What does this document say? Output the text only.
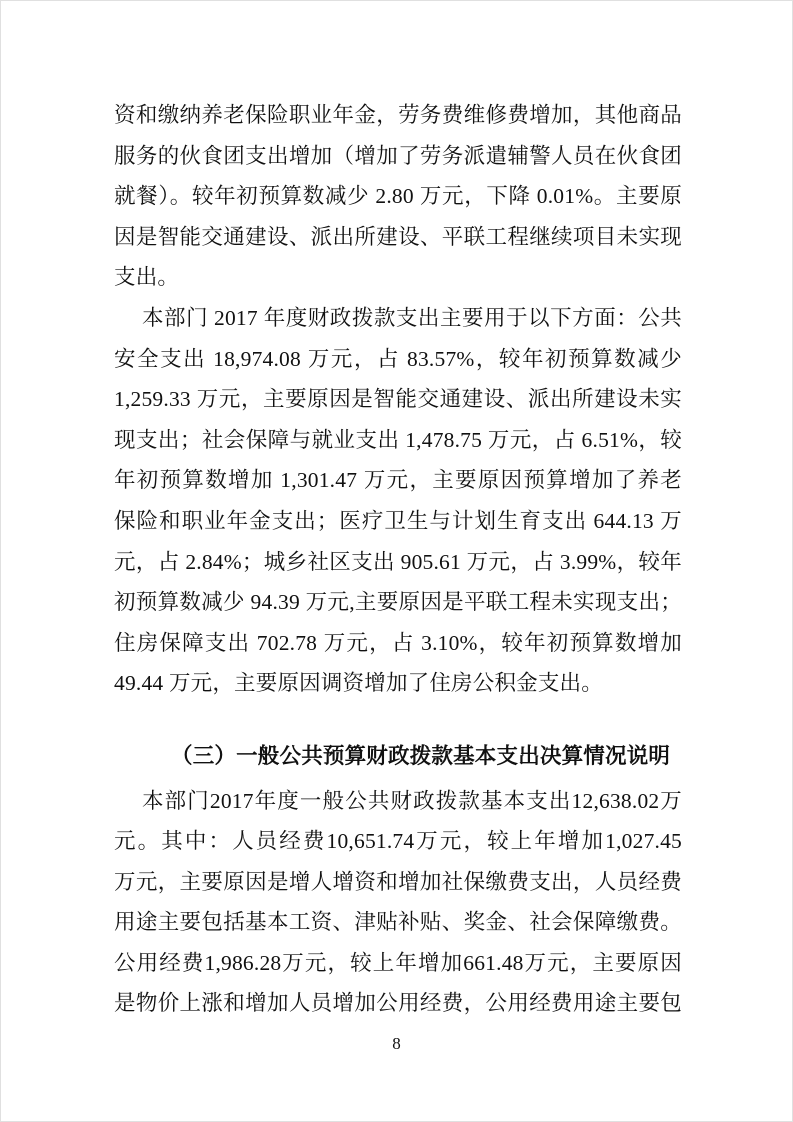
资和缴纳养老保险职业年金，劳务费维修费增加，其他商品
服务的伙食团支出增加（增加了劳务派遣辅警人员在伙食团
就餐）。较年初预算数减少 2.80 万元，下降 0.01%。主要原
因是智能交通建设、派出所建设、平联工程继续项目未实现
支出。
本部门 2017 年度财政拨款支出主要用于以下方面：公共
安全支出 18,974.08 万元，占 83.57%，较年初预算数减少
1,259.33 万元，主要原因是智能交通建设、派出所建设未实
现支出；社会保障与就业支出 1,478.75 万元，占 6.51%，较
年初预算数增加 1,301.47 万元，主要原因预算增加了养老
保险和职业年金支出；医疗卫生与计划生育支出 644.13 万
元，占 2.84%；城乡社区支出 905.61 万元，占 3.99%，较年
初预算数减少 94.39 万元,主要原因是平联工程未实现支出；
住房保障支出 702.78 万元，占 3.10%，较年初预算数增加
49.44 万元，主要原因调资增加了住房公积金支出。
（三）一般公共预算财政拨款基本支出决算情况说明
本部门2017年度一般公共财政拨款基本支出12,638.02万
元。其中：人员经费10,651.74万元，较上年增加1,027.45
万元，主要原因是增人增资和增加社保缴费支出，人员经费
用途主要包括基本工资、津贴补贴、奖金、社会保障缴费。
公用经费1,986.28万元，较上年增加661.48万元，主要原因
是物价上涨和增加人员增加公用经费，公用经费用途主要包
8
